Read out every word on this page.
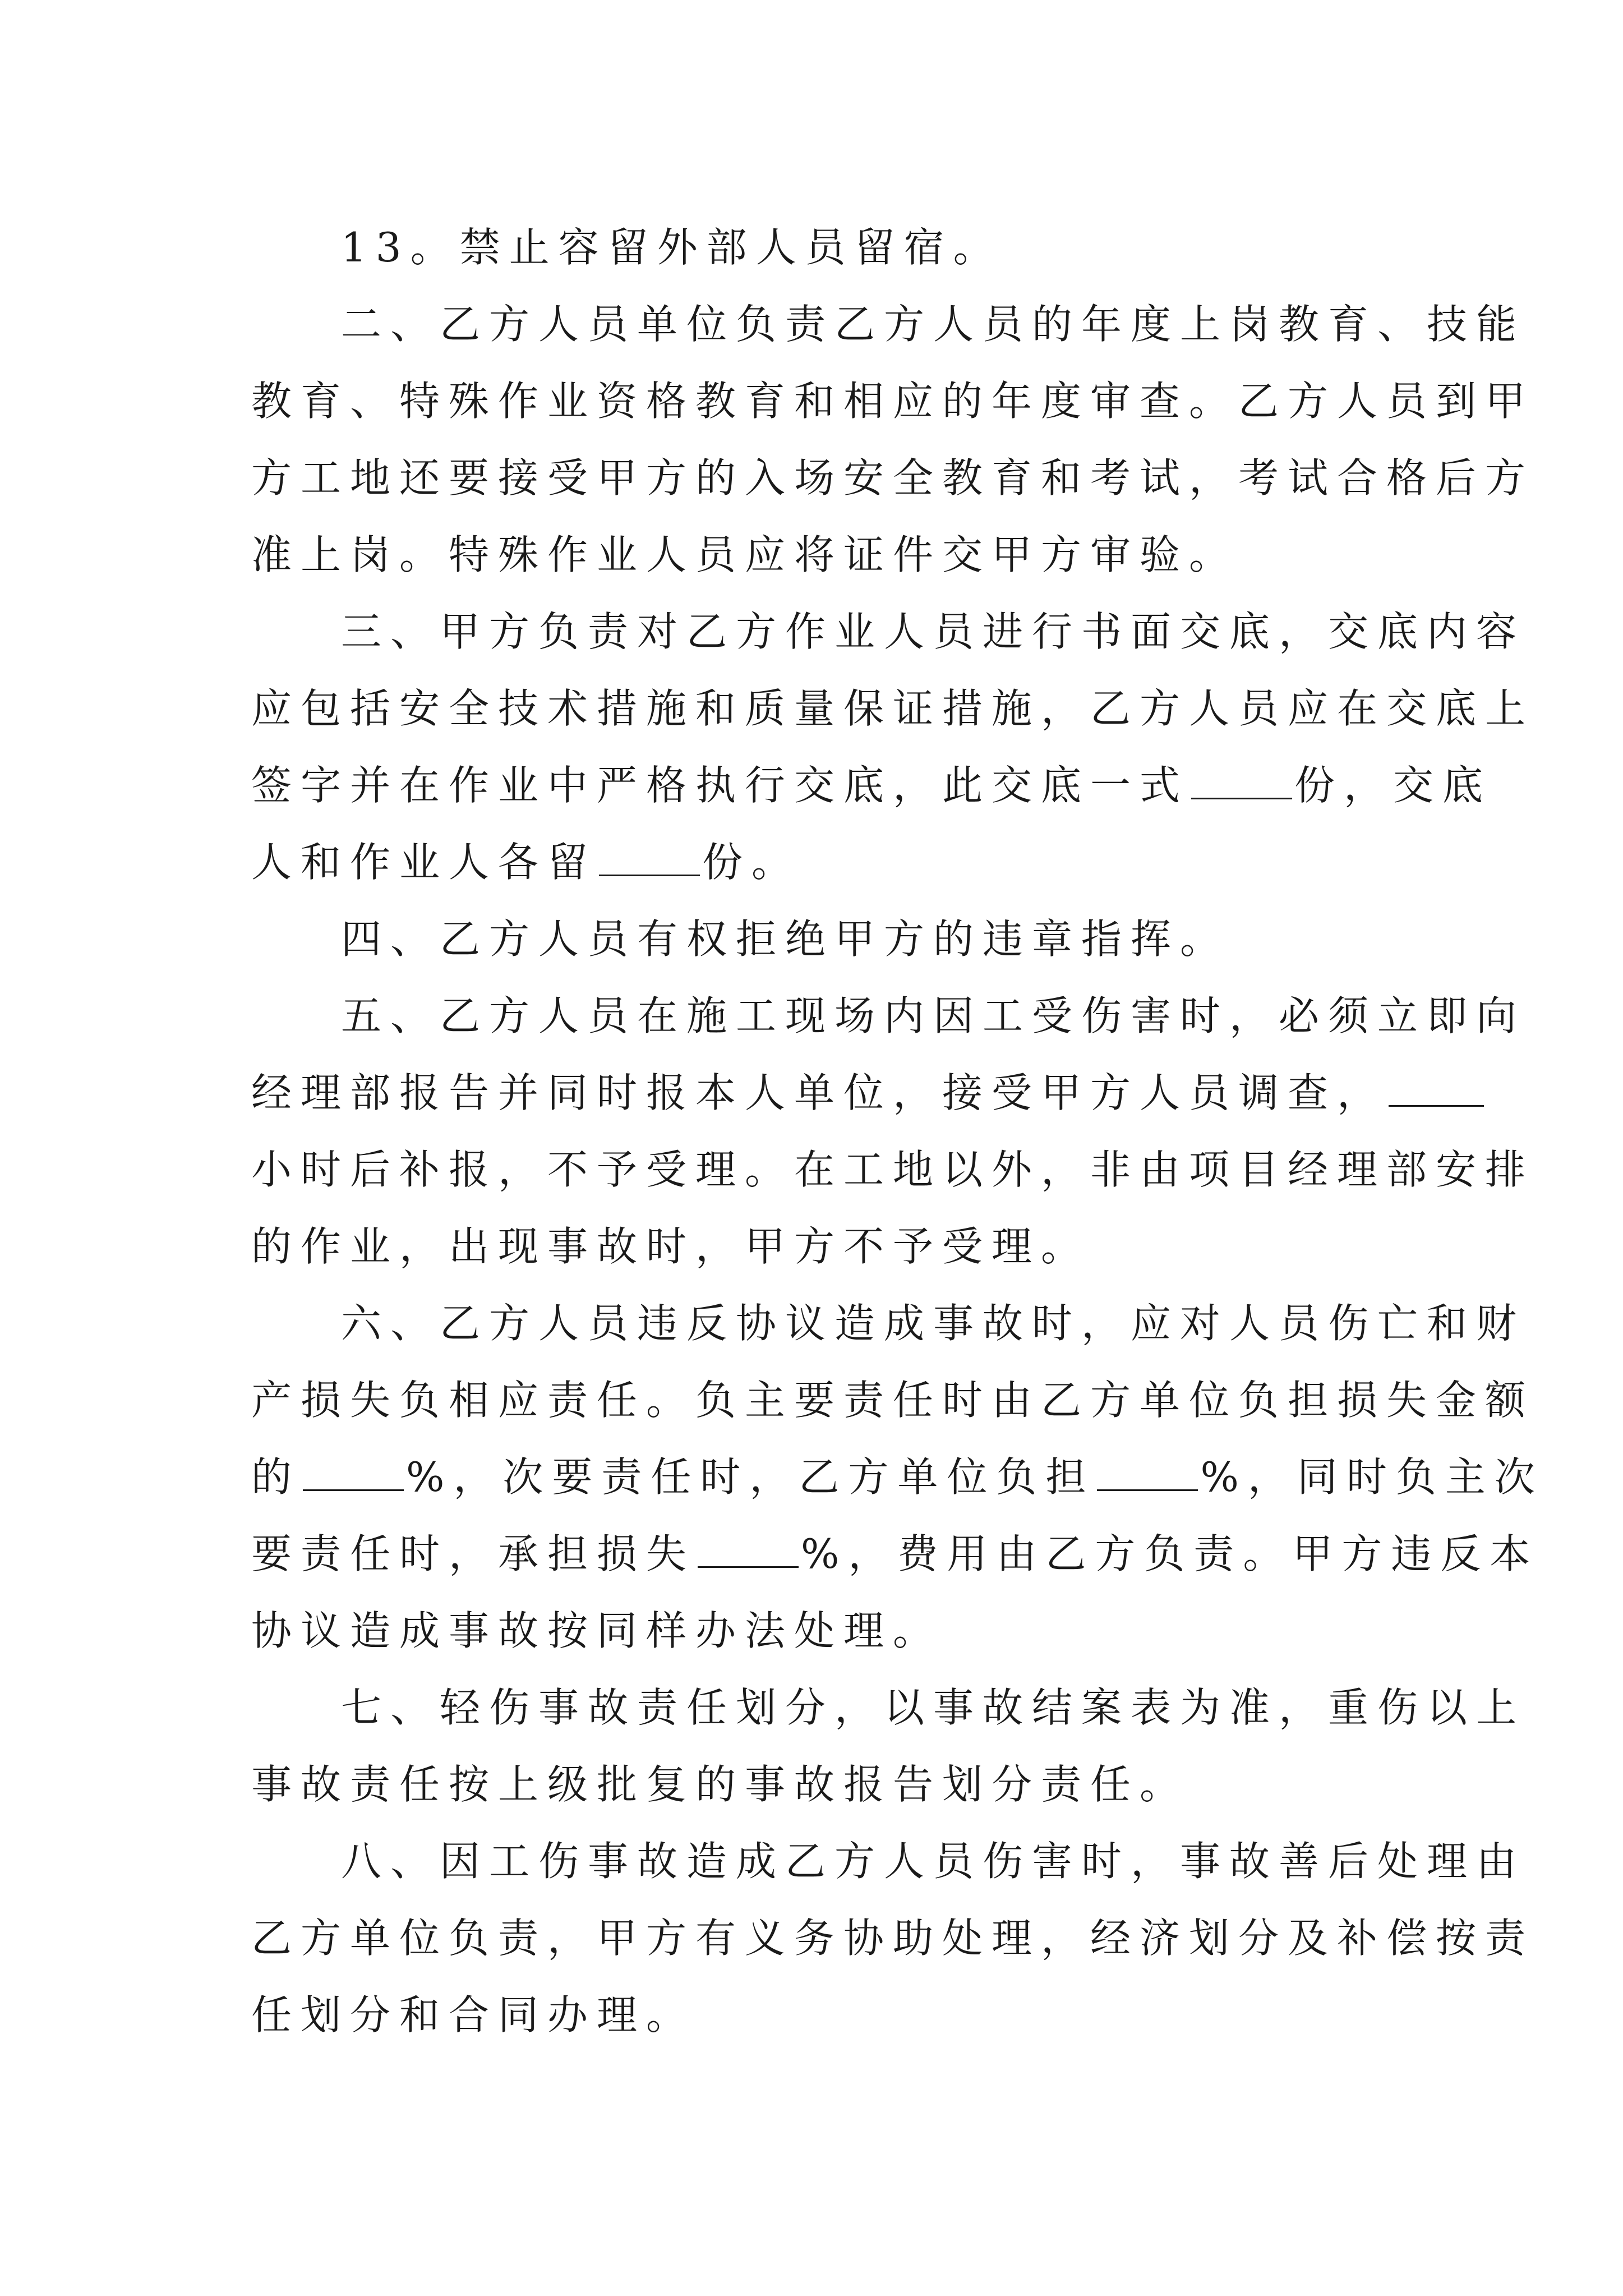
13。禁止容留外部人员留宿。
二、乙方人员单位负责乙方人员的年度上岗教育、技能
教育、特殊作业资格教育和相应的年度审查。乙方人员到甲
方工地还要接受甲方的入场安全教育和考试，考试合格后方
准上岗。特殊作业人员应将证件交甲方审验。
三、甲方负责对乙方作业人员进行书面交底，交底内容
应包括安全技术措施和质量保证措施，乙方人员应在交底上
签字并在作业中严格执行交底，此交底一式	份，交底
人和作业人各留	份。
四、乙方人员有权拒绝甲方的违章指挥。
五、乙方人员在施工现场内因工受伤害时，必须立即向
经理部报告并同时报本人单位，接受甲方人员调查，
小时后补报，不予受理。在工地以外，非由项目经理部安排
的作业，出现事故时，甲方不予受理。
六、乙方人员违反协议造成事故时，应对人员伤亡和财
产损失负相应责任。负主要责任时由乙方单位负担损失金额
的	%，次要责任时，乙方单位负担	%，同时负主次
要责任时，承担损失	%，费用由乙方负责。甲方违反本
协议造成事故按同样办法处理。
七、轻伤事故责任划分，以事故结案表为准，重伤以上
事故责任按上级批复的事故报告划分责任。
八、因工伤事故造成乙方人员伤害时，事故善后处理由
乙方单位负责，甲方有义务协助处理，经济划分及补偿按责
任划分和合同办理。
